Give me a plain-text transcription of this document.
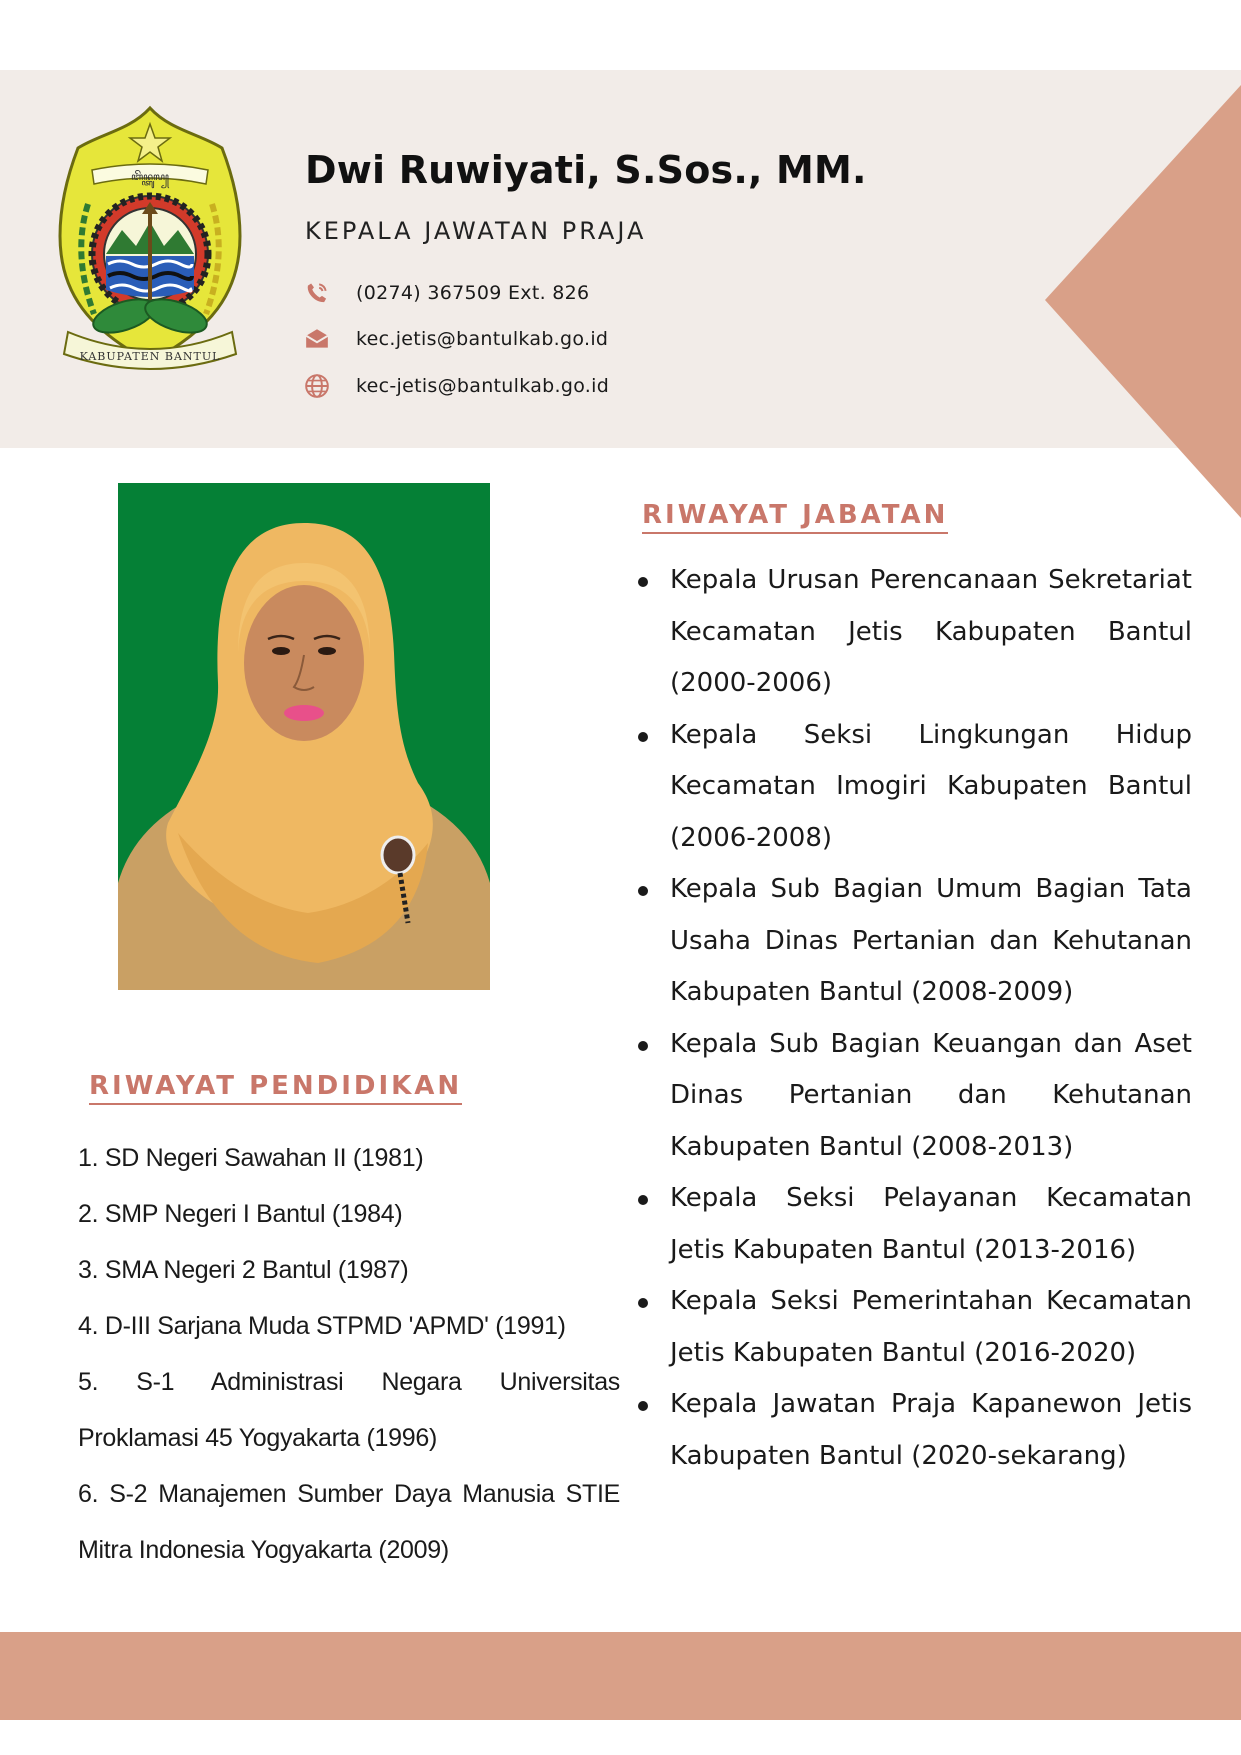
ꦧꦼꦤ꧀ꦠꦸꦭ꧀
KABUPATEN BANTUL
Dwi Ruwiyati, S.Sos., MM.
KEPALA JAWATAN PRAJA
(0274) 367509 Ext. 826
kec.jetis@bantulkab.go.id
kec-jetis@bantulkab.go.id
RIWAYAT PENDIDIKAN
1. SD Negeri Sawahan II (1981)
2. SMP Negeri I Bantul (1984)
3. SMA Negeri 2 Bantul (1987)
4. D-III Sarjana Muda STPMD 'APMD' (1991)
5. S-1 Administrasi Negara Universitas Proklamasi 45 Yogyakarta (1996)
6. S-2 Manajemen Sumber Daya Manusia STIE Mitra Indonesia Yogyakarta (2009)
RIWAYAT JABATAN
Kepala Urusan Perencanaan Sekretariat Kecamatan Jetis Kabupaten Bantul (2000-2006)
Kepala Seksi Lingkungan Hidup Kecamatan Imogiri Kabupaten Bantul (2006-2008)
Kepala Sub Bagian Umum Bagian Tata Usaha Dinas Pertanian dan Kehutanan Kabupaten Bantul (2008-2009)
Kepala Sub Bagian Keuangan dan Aset Dinas Pertanian dan Kehutanan Kabupaten Bantul (2008-2013)
Kepala Seksi Pelayanan Kecamatan Jetis Kabupaten Bantul (2013-2016)
Kepala Seksi Pemerintahan Kecamatan Jetis Kabupaten Bantul (2016-2020)
Kepala Jawatan Praja Kapanewon Jetis Kabupaten Bantul (2020-sekarang)
